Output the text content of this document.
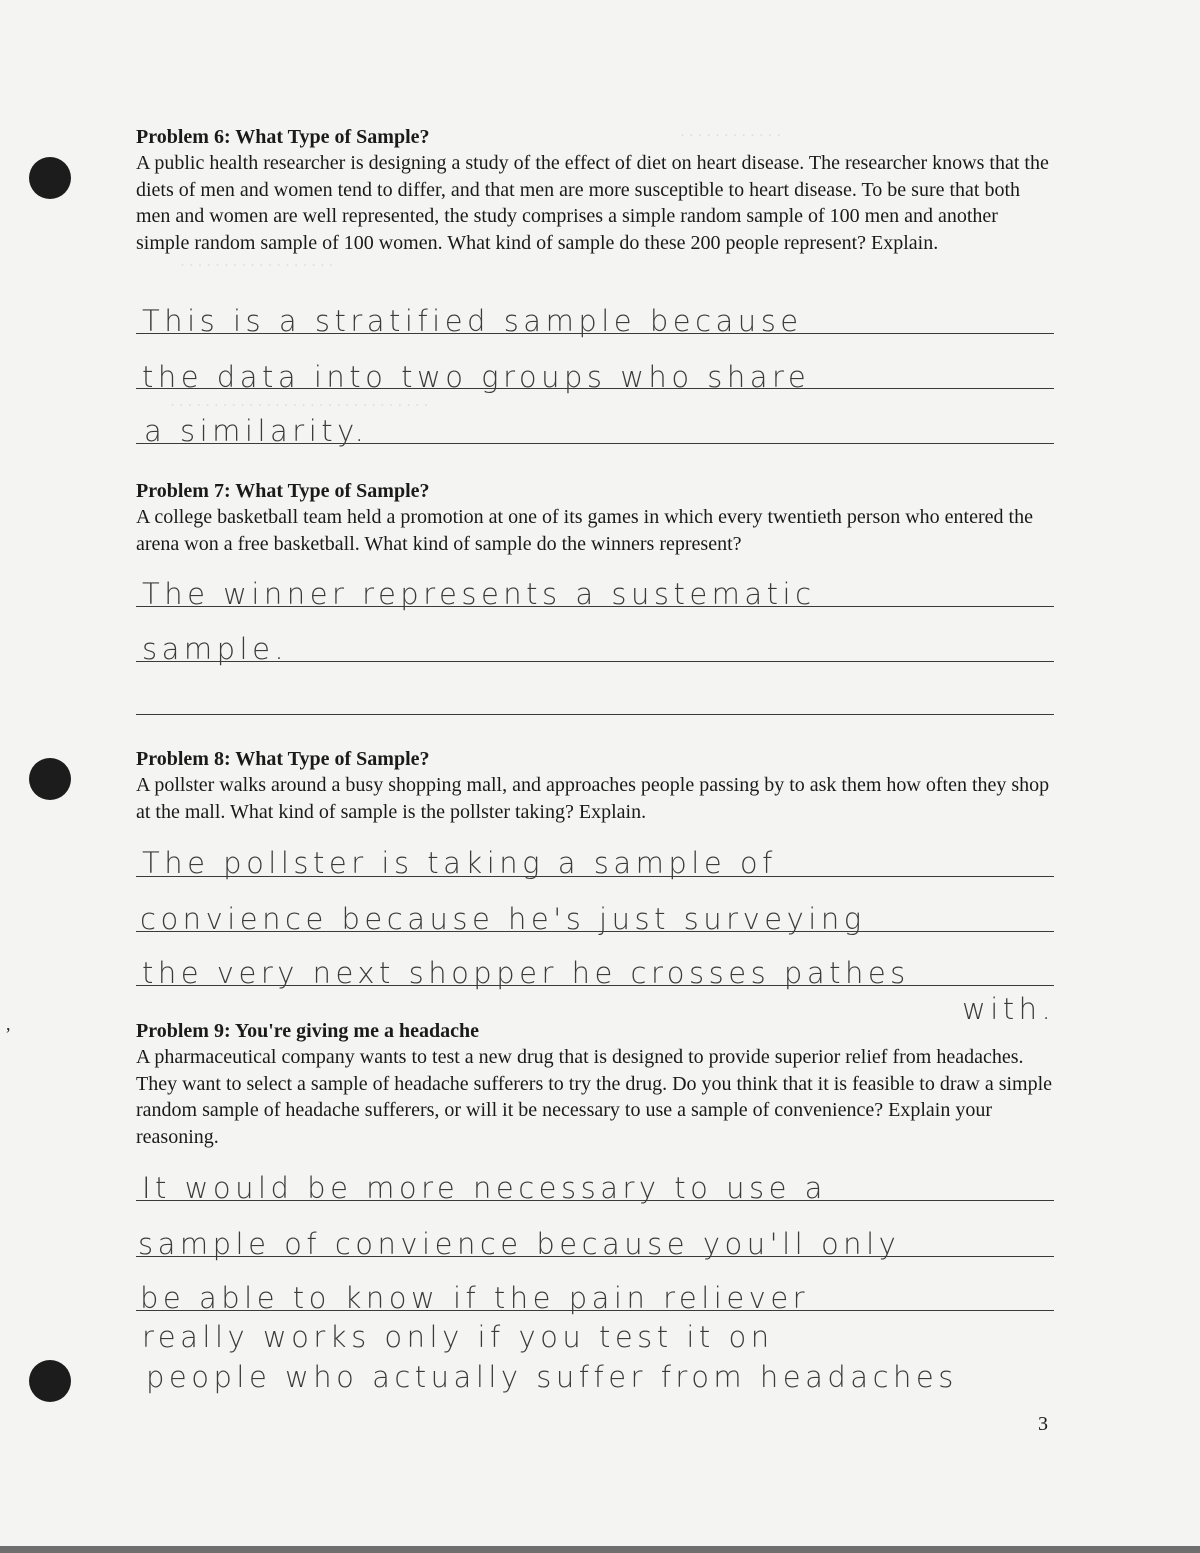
· · · · · · · · · · · ·
· · · · · · · · · · · · · · · · · ·
· · · · · · · · · · · · · · · · · · · · · · · · · · · · · ·
,

Problem 6: What Type of Sample?

A public health researcher is designing a study of the effect of diet on heart disease. The researcher knows that the diets of men and women tend to differ, and that men are more susceptible to heart disease. To be sure that both men and women are well represented, the study comprises a simple random sample of 100 men and another simple random sample of 100 women. What kind of sample do these 200 people represent? Explain.

This is a stratified sample because
the data into two groups who share
a similarity.

Problem 7: What Type of Sample?

A college basketball team held a promotion at one of its games in which every twentieth person who entered the arena won a free basketball. What kind of sample do the winners represent?

The winner represents a sustematic
sample.

Problem 8: What Type of Sample?

A pollster walks around a busy shopping mall, and approaches people passing by to ask them how often they shop at the mall. What kind of sample is the pollster taking? Explain.

The pollster is taking a sample of
convience because he's just surveying
the very next shopper he crosses pathes
with.

Problem 9: You're giving me a headache

A pharmaceutical company wants to test a new drug that is designed to provide superior relief from headaches. They want to select a sample of headache sufferers to try the drug. Do you think that it is feasible to draw a simple random sample of headache sufferers, or will it be necessary to use a sample of convenience? Explain your reasoning.

It would be more necessary to use a
sample of convience because you'll only
be able to know if the pain reliever
really works only if you test it on
people who actually suffer from headaches
3
